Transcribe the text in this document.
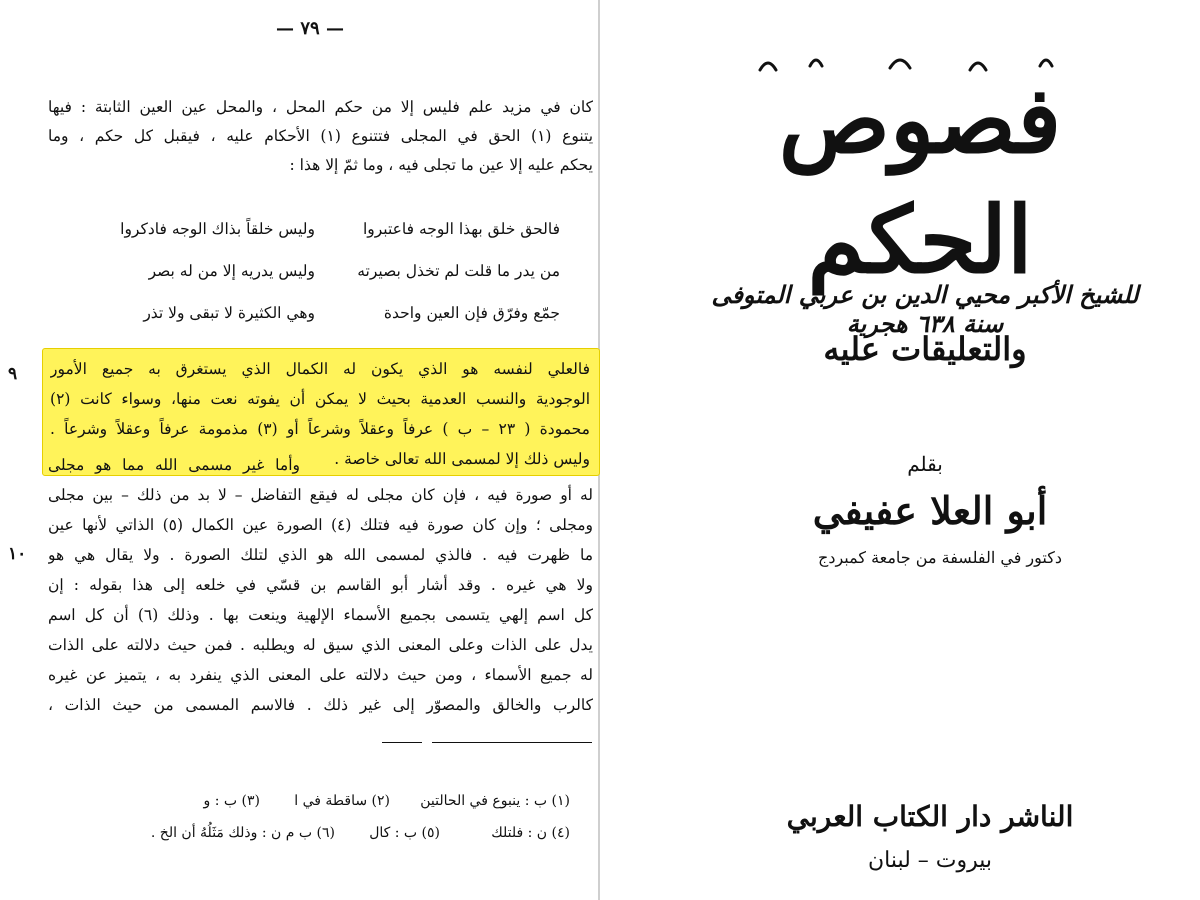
— ٧٩ —
كان في مزيد علم فليس إلا من حكم المحل ، والمحل عين العين الثابتة : فيها
يتنوع (١) الحق في المجلى فتتنوع (١) الأحكام عليه ، فيقبل كل حكم ، وما
يحكم عليه إلا عين ما تجلى فيه ، وما ثمّ إلا هذا :
فالحق خلق بهذا الوجه فاعتبروا
وليس خلقاً بذاك الوجه فادكروا
من يدر ما قلت لم تخذل بصيرته
وليس يدريه إلا من له بصر
جمّع وفرّق فإن العين واحدة
وهي الكثيرة لا تبقى ولا تذر
فالعلي لنفسه هو الذي يكون له الكمال الذي يستغرق به جميع الأمور
الوجودية والنسب العدمية بحيث لا يمكن أن يفوته نعت منها، وسواء كانت (٢)
محمودة ( ٢٣ – ب ) عرفاً وعقلاً وشرعاً أو (٣) مذمومة عرفاً وعقلاً وشرعاً .
وليس ذلك إلا لمسمى الله تعالى خاصة .
وأما غير مسمى الله مما هو مجلى
له أو صورة فيه ، فإن كان مجلى له فيقع التفاضل – لا بد من ذلك – بين مجلى
ومجلى ؛ وإن كان صورة فيه فتلك (٤) الصورة عين الكمال (٥) الذاتي لأنها عين
ما ظهرت فيه . فالذي لمسمى الله هو الذي لتلك الصورة . ولا يقال هي هو
ولا هي غيره . وقد أشار أبو القاسم بن قسّي في خلعه إلى هذا بقوله : إن
كل اسم إلهي يتسمى بجميع الأسماء الإلهية وينعت بها . وذلك (٦) أن كل اسم
يدل على الذات وعلى المعنى الذي سيق له ويطلبه . فمن حيث دلالته على الذات
له جميع الأسماء ، ومن حيث دلالته على المعنى الذي ينفرد به ، يتميز عن غيره
كالرب والخالق والمصوّر إلى غير ذلك . فالاسم المسمى من حيث الذات ،
٩
١٠
(١) ب : ينبوع في الحالتين
(٢) ساقطة في ا
(٣) ب : و
(٤) ن : فلتلك
(٥) ب : كال
(٦) ب م ن : وذلك مَثَلُهُ أن الخ .
فصوص الحكم
للشيخ الأكبر محيي الدين بن عربي المتوفى سنة ٦٣٨ هجرية
والتعليقات عليه
بقلم
أبو العلا عفيفي
دكتور في الفلسفة من جامعة كمبردج
الناشر دار الكتاب العربي
بيروت – لبنان
